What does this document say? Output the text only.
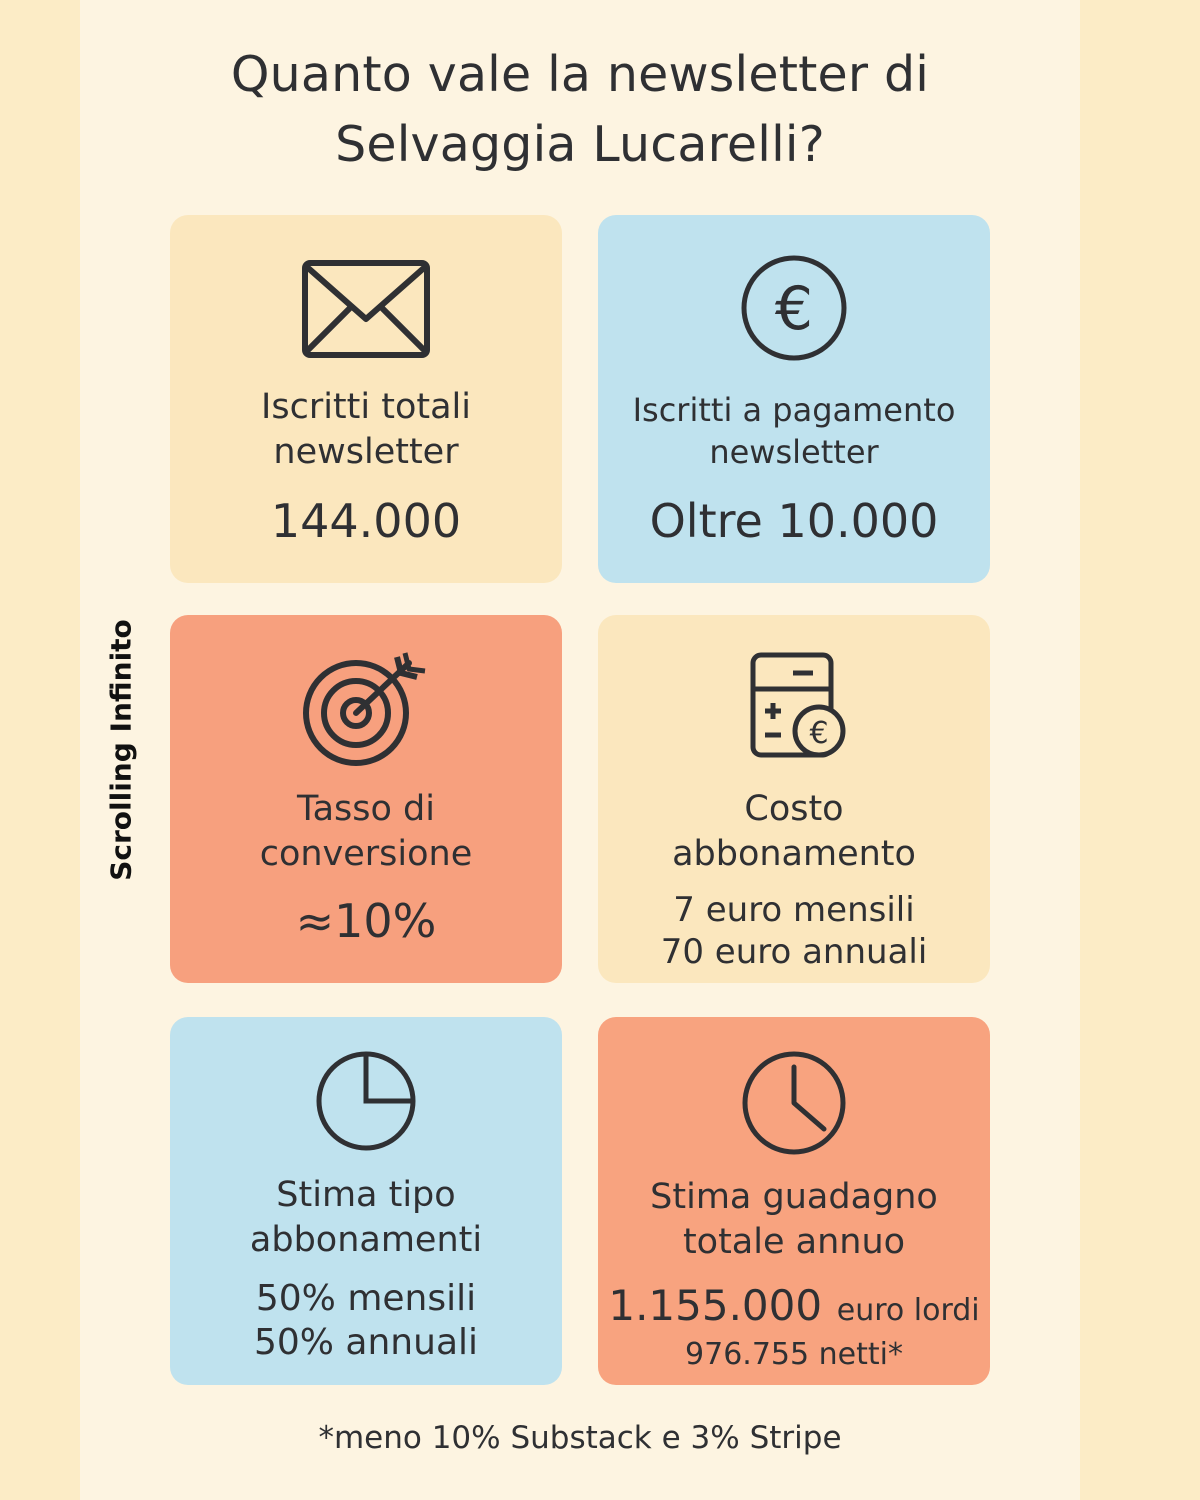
Quanto vale la newsletter di
Selvaggia Lucarelli?
Scrolling Infinito
Iscritti totali
newsletter
144.000
€
Iscritti a pagamento
newsletter
Oltre 10.000
Tasso di
conversione
≈10%
€
Costo
abbonamento
7 euro mensili
70 euro annuali
Stima tipo
abbonamenti
50% mensili
50% annuali
Stima guadagno
totale annuo
1.155.000 euro lordi
976.755 netti*
*meno 10% Substack e 3% Stripe
